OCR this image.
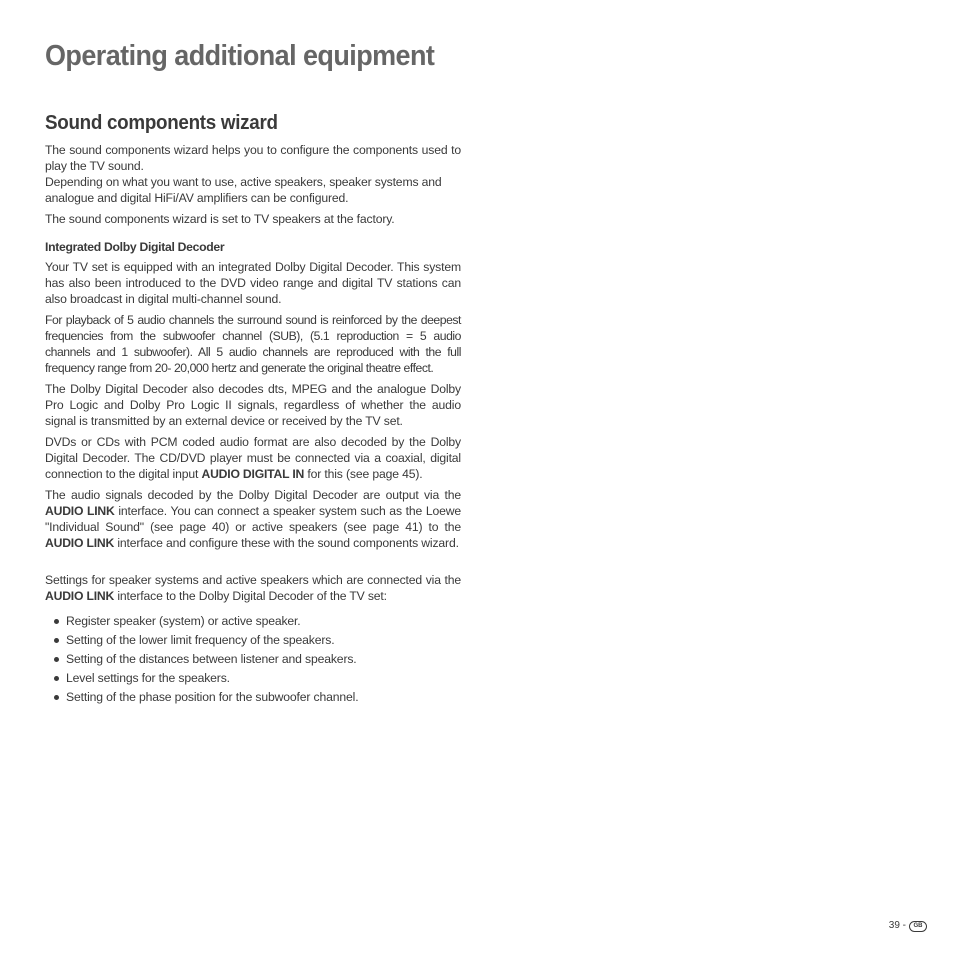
Operating additional equipment
Sound components wizard

The sound components wizard helps you to configure the components used to play the TV sound.

Depending on what you want to use, active speakers, speaker systems and analogue and digital HiFi/AV amplifiers can be configured.

The sound components wizard is set to TV speakers at the factory.

Integrated Dolby Digital Decoder

Your TV set is equipped with an integrated Dolby Digital Decoder. This system has also been introduced to the DVD video range and digital TV stations can also broadcast in digital multi-channel sound.

For playback of 5 audio channels the surround sound is reinforced by the deepest frequencies from the subwoofer channel (SUB), (5.1 reproduction = 5 audio channels and 1 subwoofer). All 5 audio channels are reproduced with the full frequency range from 20- 20,000 hertz and generate the original theatre effect.

The Dolby Digital Decoder also decodes dts, MPEG and the analogue Dolby Pro Logic and Dolby Pro Logic II signals, regardless of whether the audio signal is transmitted by an external device or received by the TV set.

DVDs or CDs with PCM coded audio format are also decoded by the Dolby Digital Decoder. The CD/DVD player must be connected via a coaxial, digital connection to the digital input AUDIO DIGITAL IN for this (see page 45).

The audio signals decoded by the Dolby Digital Decoder are output via the AUDIO LINK interface. You can connect a speaker system such as the Loewe "Individual Sound" (see page 40) or active speakers (see page 41) to the AUDIO LINK interface and configure these with the sound components wizard.

Settings for speaker systems and active speakers which are connected via the AUDIO LINK interface to the Dolby Digital Decoder of the TV set:

Register speaker (system) or active speaker.
Setting of the lower limit frequency of the speakers.
Setting of the distances between listener and speakers.
Level settings for the speakers.
Setting of the phase position for the subwoofer channel.
39 -	GB
